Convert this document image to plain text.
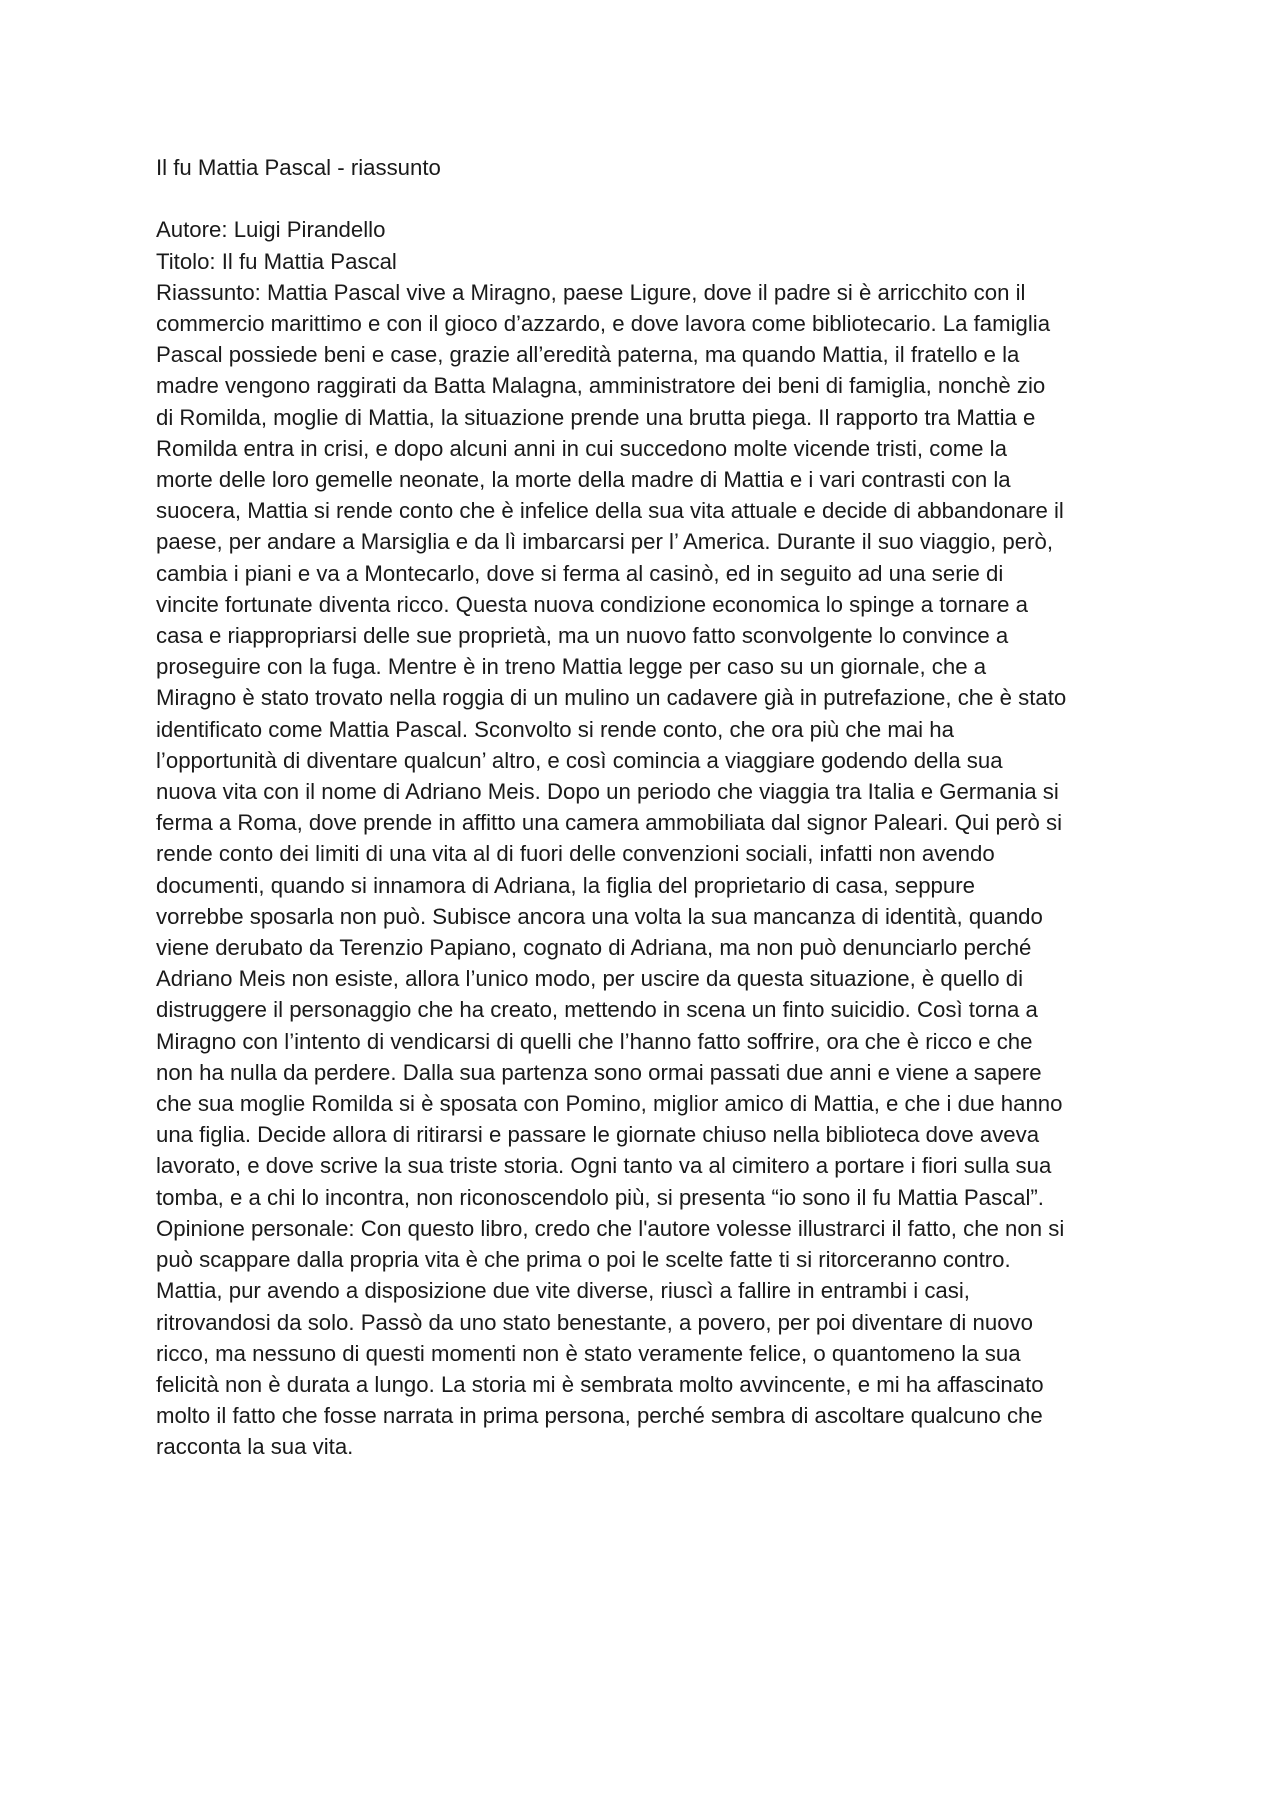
Il fu Mattia Pascal - riassunto
Autore: Luigi Pirandello
Titolo: Il fu Mattia Pascal
Riassunto: Mattia Pascal vive a Miragno, paese Ligure, dove il padre si è arricchito con il
commercio marittimo e con il gioco d’azzardo, e dove lavora come bibliotecario. La famiglia
Pascal possiede beni e case, grazie all’eredità paterna, ma quando Mattia, il fratello e la
madre vengono raggirati da Batta Malagna, amministratore dei beni di famiglia, nonchè zio
di Romilda, moglie di Mattia, la situazione prende una brutta piega. Il rapporto tra Mattia e
Romilda entra in crisi, e dopo alcuni anni in cui succedono molte vicende tristi, come la
morte delle loro gemelle neonate, la morte della madre di Mattia e i vari contrasti con la
suocera, Mattia si rende conto che è infelice della sua vita attuale e decide di abbandonare il
paese, per andare a Marsiglia e da lì imbarcarsi per l’ America. Durante il suo viaggio, però,
cambia i piani e va a Montecarlo, dove si ferma al casinò, ed in seguito ad una serie di
vincite fortunate diventa ricco. Questa nuova condizione economica lo spinge a tornare a
casa e riappropriarsi delle sue proprietà, ma un nuovo fatto sconvolgente lo convince a
proseguire con la fuga. Mentre è in treno Mattia legge per caso su un giornale, che a
Miragno è stato trovato nella roggia di un mulino un cadavere già in putrefazione, che è stato
identificato come Mattia Pascal. Sconvolto si rende conto, che ora più che mai ha
l’opportunità di diventare qualcun’ altro, e così comincia a viaggiare godendo della sua
nuova vita con il nome di Adriano Meis. Dopo un periodo che viaggia tra Italia e Germania si
ferma a Roma, dove prende in affitto una camera ammobiliata dal signor Paleari. Qui però si
rende conto dei limiti di una vita al di fuori delle convenzioni sociali, infatti non avendo
documenti, quando si innamora di Adriana, la figlia del proprietario di casa, seppure
vorrebbe sposarla non può. Subisce ancora una volta la sua mancanza di identità, quando
viene derubato da Terenzio Papiano, cognato di Adriana, ma non può denunciarlo perché
Adriano Meis non esiste, allora l’unico modo, per uscire da questa situazione, è quello di
distruggere il personaggio che ha creato, mettendo in scena un finto suicidio. Così torna a
Miragno con l’intento di vendicarsi di quelli che l’hanno fatto soffrire, ora che è ricco e che
non ha nulla da perdere. Dalla sua partenza sono ormai passati due anni e viene a sapere
che sua moglie Romilda si è sposata con Pomino, miglior amico di Mattia, e che i due hanno
una figlia. Decide allora di ritirarsi e passare le giornate chiuso nella biblioteca dove aveva
lavorato, e dove scrive la sua triste storia. Ogni tanto va al cimitero a portare i fiori sulla sua
tomba, e a chi lo incontra, non riconoscendolo più, si presenta “io sono il fu Mattia Pascal”.
Opinione personale: Con questo libro, credo che l'autore volesse illustrarci il fatto, che non si
può scappare dalla propria vita è che prima o poi le scelte fatte ti si ritorceranno contro.
Mattia, pur avendo a disposizione due vite diverse, riuscì a fallire in entrambi i casi,
ritrovandosi da solo. Passò da uno stato benestante, a povero, per poi diventare di nuovo
ricco, ma nessuno di questi momenti non è stato veramente felice, o quantomeno la sua
felicità non è durata a lungo. La storia mi è sembrata molto avvincente, e mi ha affascinato
molto il fatto che fosse narrata in prima persona, perché sembra di ascoltare qualcuno che
racconta la sua vita.
